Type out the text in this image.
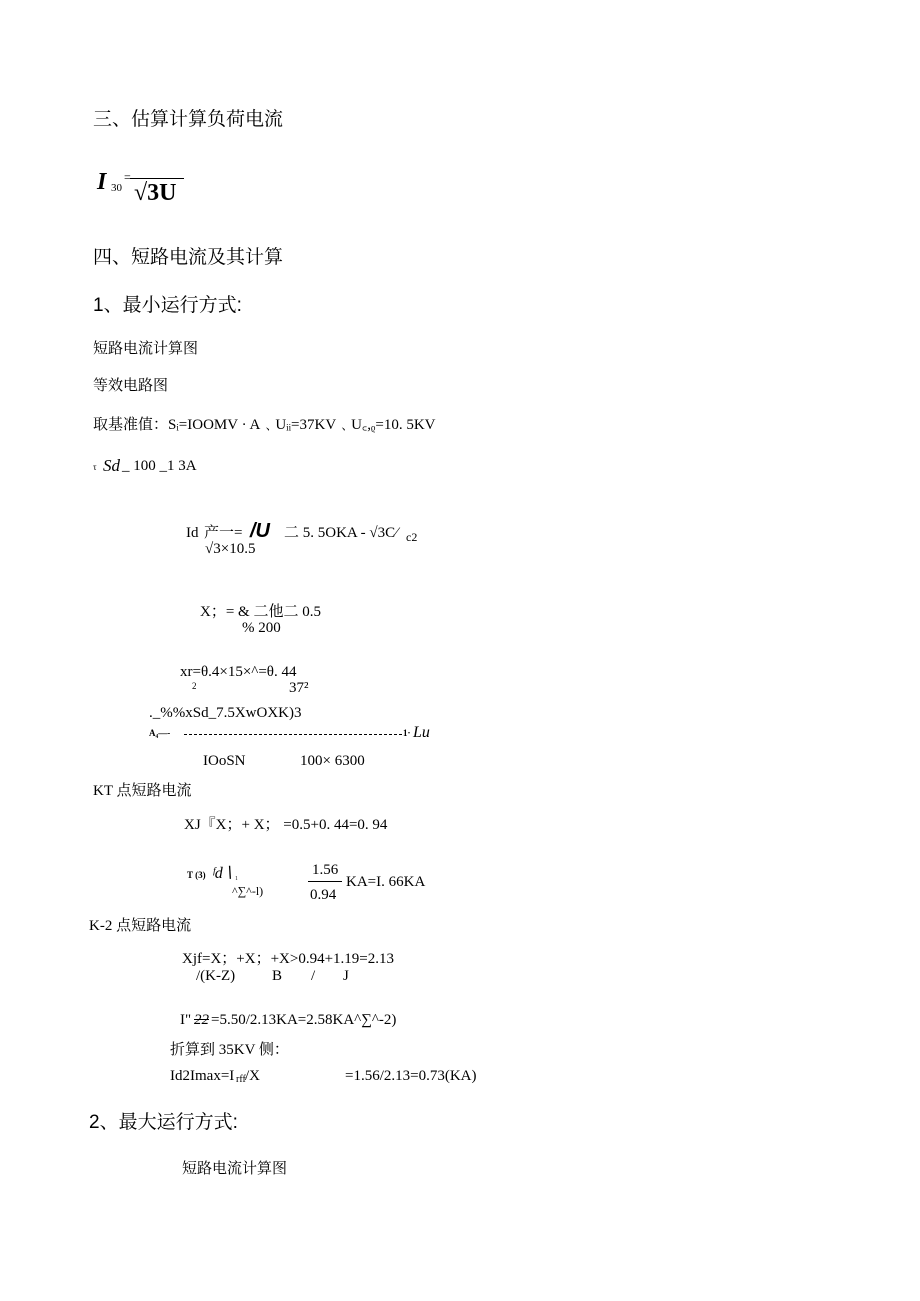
三、估算计算负荷电流
I 30
=
√3U
四、短路电流及其计算
1、最小运行方式:
短路电流计算图
等效电路图
取基准值：Sᵢ=IOOMV · A﹑Uᵢᵢ=37KV﹑U꜀,ᵨ=10. 5KV
τ Sd _ 100 _1 3A
Id 产一= /U 二 5. 5OKA - √3C⁄ c2
√3×10.5
X；= & 二他二 0.5
% 200
xr=θ.4×15×^=θ. 44
2	37²
._%%xSd_7.5XwOXK)3
A₄—-	1· Lu
IOoSN	100× 6300
KT 点短路电流
XJ『X；+ X； =0.5+0. 44=0. 94
T (3) ᶠd∖ ₁
^∑^-l)
1.56
0.94
KA=I. 66KA
K-2 点短路电流
Xjf=X；+X；+X>0.94+1.19=2.13
/(K-Z) B / J
I" 22 =5.50/2.13KA=2.58KA^∑^-2)
折算到 35KV 侧：
Id2Imax=I rff /X	=1.56/2.13=0.73(KA)
2、最大运行方式:
短路电流计算图
